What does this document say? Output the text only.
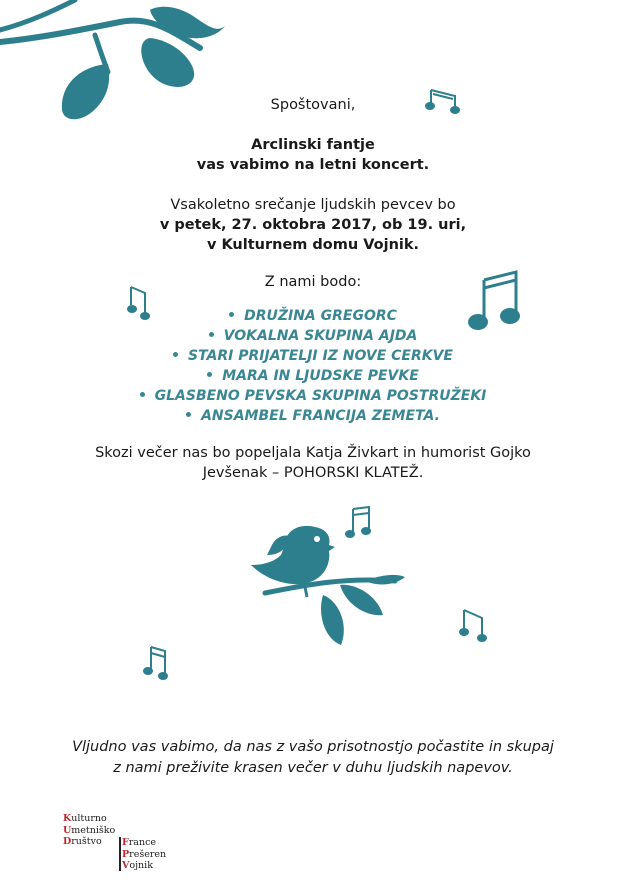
Spoštovani,

Arclinski fantje

vas vabimo na letni koncert.

Vsakoletno srečanje ljudskih pevcev bo

v petek, 27. oktobra 2017, ob 19. uri,

v Kulturnem domu Vojnik.

Z nami bodo:

DRUŽINA GREGORC
VOKALNA SKUPINA AJDA
STARI PRIJATELJI IZ NOVE CERKVE
MARA IN LJUDSKE PEVKE
GLASBENO PEVSKA SKUPINA POSTRUŽEKI
ANSAMBEL FRANCIJA ZEMETA.

Skozi večer nas bo popeljala Katja Živkart in humorist Gojko

Jevšenak – POHORSKI KLATEŽ.

Vljudno vas vabimo, da nas z vašo prisotnostjo počastite in skupaj

z nami preživite krasen večer v duhu ljudskih napevov.

Kulturno
Umetniško
Društvo	France
Prešeren
Vojnik
